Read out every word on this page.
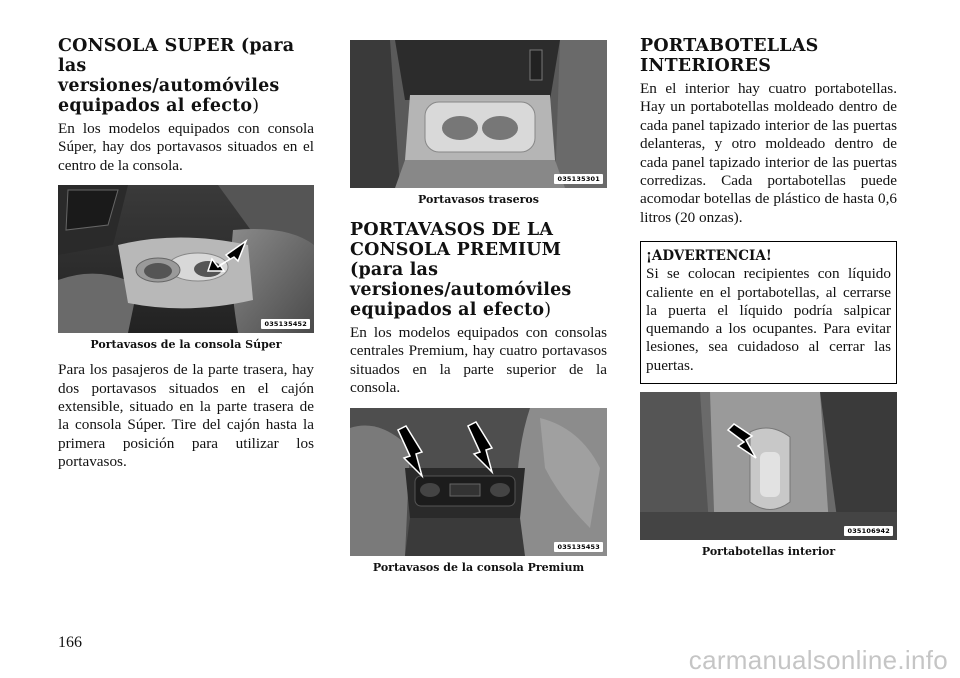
CONSOLA SUPER (para las versiones/automóviles equipados al efecto)

En los modelos equipados con consola Súper, hay dos portavasos situados en el centro de la consola.

035135452
Portavasos de la consola Súper

Para los pasajeros de la parte trasera, hay dos portavasos situados en el cajón extensible, situado en la parte trasera de la consola Súper. Tire del cajón hasta la primera posición para utilizar los portavasos.

035135301
Portavasos traseros
PORTAVASOS DE LA CONSOLA PREMIUM (para las versiones/automóviles equipados al efecto)

En los modelos equipados con consolas centrales Premium, hay cuatro portavasos situados en la parte superior de la consola.

035135453
Portavasos de la consola Premium
PORTABOTELLAS INTERIORES

En el interior hay cuatro portabotellas. Hay un portabotellas moldeado dentro de cada panel tapizado interior de las puertas delanteras, y otro moldeado dentro de cada panel tapizado interior de las puertas corredizas. Cada portabotellas puede acomodar botellas de plástico de hasta 0,6 litros (20 onzas).

¡ADVERTENCIA!
Si se colocan recipientes con líquido caliente en el portabotellas, al cerrarse la puerta el líquido podría salpicar quemando a los ocupantes. Para evitar lesiones, sea cuidadoso al cerrar las puertas.
035106942
Portabotellas interior
166
carmanualsonline.info
